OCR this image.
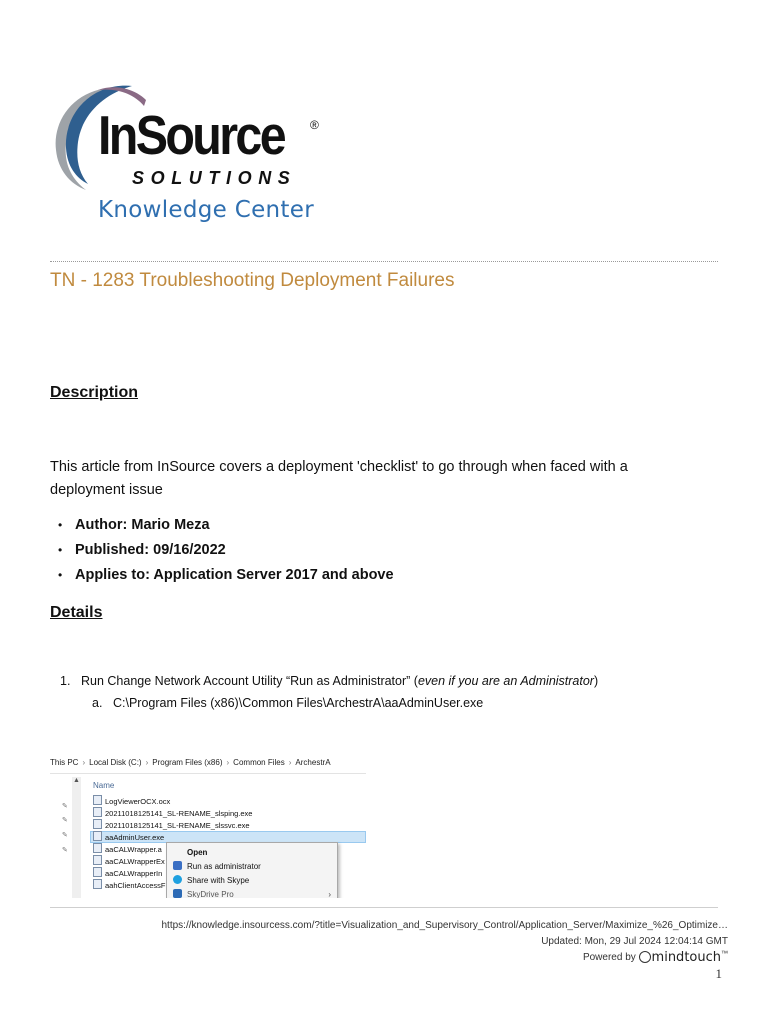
InSource ®
SOLUTIONS
Knowledge Center
TN - 1283 Troubleshooting Deployment Failures
Description

This article from InSource covers a deployment 'checklist' to go through when faced with a deployment issue

• Author: Mario Meza
• Published: 09/16/2022
• Applies to: Application Server 2017 and above
Details
1. Run Change Network Account Utility “Run as Administrator” (even if you are an Administrator)
a. C:\Program Files (x86)\Common Files\ArchestrA\aaAdminUser.exe
This PC › Local Disk (C:) › Program Files (x86) › Common Files › ArchestrA
▲
✎
✎
✎
✎
Name
LogViewerOCX.ocx
20211018125141_SL-RENAME_slsping.exe
20211018125141_SL-RENAME_slssvc.exe
aaAdminUser.exe
aaCALWrapper.a
aaCALWrapperEx
aaCALWrapperIn
aahClientAccessF
Open
Run as administrator
Share with Skype
SkyDrive Pro	›
https://knowledge.insourcess.com/?title=Visualization_and_Supervisory_Control/Application_Server/Maximize_%26_Optimize…
Updated: Mon, 29 Jul 2024 12:04:14 GMT
Powered by mindtouch™
1
